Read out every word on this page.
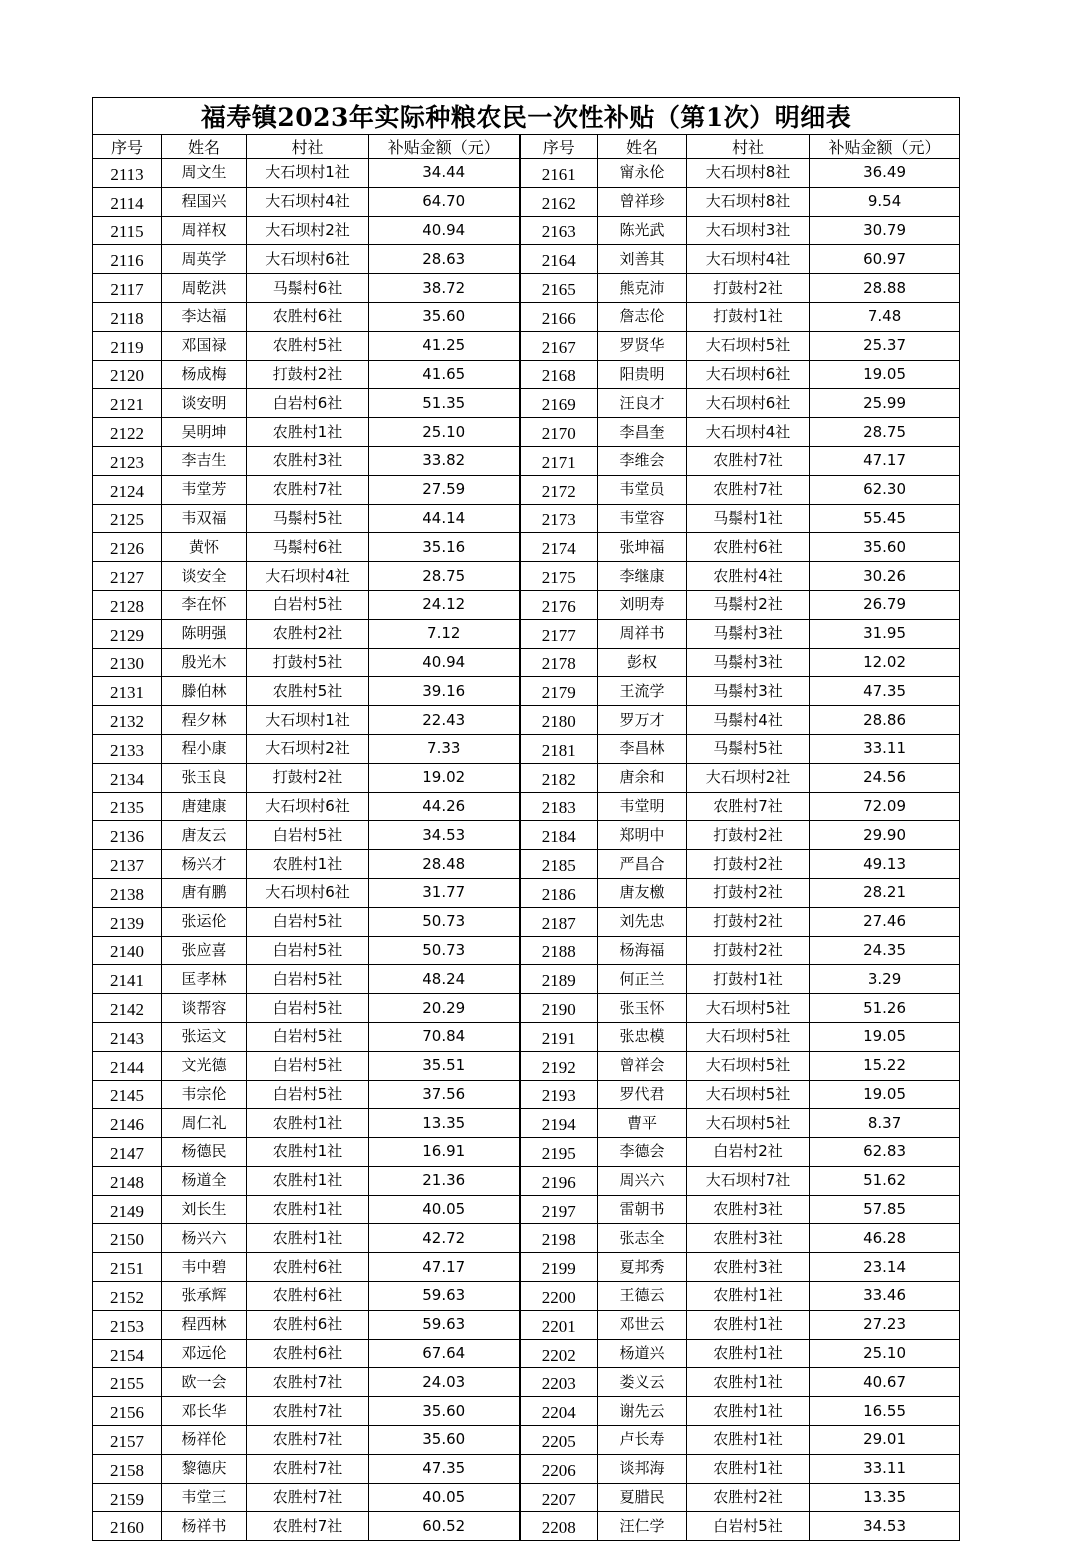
福寿镇2023年实际种粮农民一次性补贴（第1次）明细表							
序号	姓名	村社	补贴金额（元）	序号	姓名	村社	补贴金额（元）
2113	周文生	大石坝村1社	34.44	2161	甯永伦	大石坝村8社	36.49
2114	程国兴	大石坝村4社	64.70	2162	曾祥珍	大石坝村8社	9.54
2115	周祥权	大石坝村2社	40.94	2163	陈光武	大石坝村3社	30.79
2116	周英学	大石坝村6社	28.63	2164	刘善其	大石坝村4社	60.97
2117	周乾洪	马鬃村6社	38.72	2165	熊克沛	打鼓村2社	28.88
2118	李达福	农胜村6社	35.60	2166	詹志伦	打鼓村1社	7.48
2119	邓国禄	农胜村5社	41.25	2167	罗贤华	大石坝村5社	25.37
2120	杨成梅	打鼓村2社	41.65	2168	阳贵明	大石坝村6社	19.05
2121	谈安明	白岩村6社	51.35	2169	汪良才	大石坝村6社	25.99
2122	吴明坤	农胜村1社	25.10	2170	李昌奎	大石坝村4社	28.75
2123	李吉生	农胜村3社	33.82	2171	李维会	农胜村7社	47.17
2124	韦堂芳	农胜村7社	27.59	2172	韦堂员	农胜村7社	62.30
2125	韦双福	马鬃村5社	44.14	2173	韦堂容	马鬃村1社	55.45
2126	黄怀	马鬃村6社	35.16	2174	张坤福	农胜村6社	35.60
2127	谈安全	大石坝村4社	28.75	2175	李继康	农胜村4社	30.26
2128	李在怀	白岩村5社	24.12	2176	刘明寿	马鬃村2社	26.79
2129	陈明强	农胜村2社	7.12	2177	周祥书	马鬃村3社	31.95
2130	殷光木	打鼓村5社	40.94	2178	彭权	马鬃村3社	12.02
2131	滕伯林	农胜村5社	39.16	2179	王流学	马鬃村3社	47.35
2132	程夕林	大石坝村1社	22.43	2180	罗万才	马鬃村4社	28.86
2133	程小康	大石坝村2社	7.33	2181	李昌林	马鬃村5社	33.11
2134	张玉良	打鼓村2社	19.02	2182	唐余和	大石坝村2社	24.56
2135	唐建康	大石坝村6社	44.26	2183	韦堂明	农胜村7社	72.09
2136	唐友云	白岩村5社	34.53	2184	郑明中	打鼓村2社	29.90
2137	杨兴才	农胜村1社	28.48	2185	严昌合	打鼓村2社	49.13
2138	唐有鹏	大石坝村6社	31.77	2186	唐友檄	打鼓村2社	28.21
2139	张运伦	白岩村5社	50.73	2187	刘先忠	打鼓村2社	27.46
2140	张应喜	白岩村5社	50.73	2188	杨海福	打鼓村2社	24.35
2141	匡孝林	白岩村5社	48.24	2189	何正兰	打鼓村1社	3.29
2142	谈帮容	白岩村5社	20.29	2190	张玉怀	大石坝村5社	51.26
2143	张运文	白岩村5社	70.84	2191	张忠模	大石坝村5社	19.05
2144	文光德	白岩村5社	35.51	2192	曾祥会	大石坝村5社	15.22
2145	韦宗伦	白岩村5社	37.56	2193	罗代君	大石坝村5社	19.05
2146	周仁礼	农胜村1社	13.35	2194	曹平	大石坝村5社	8.37
2147	杨德民	农胜村1社	16.91	2195	李德会	白岩村2社	62.83
2148	杨道全	农胜村1社	21.36	2196	周兴六	大石坝村7社	51.62
2149	刘长生	农胜村1社	40.05	2197	雷朝书	农胜村3社	57.85
2150	杨兴六	农胜村1社	42.72	2198	张志全	农胜村3社	46.28
2151	韦中碧	农胜村6社	47.17	2199	夏邦秀	农胜村3社	23.14
2152	张承辉	农胜村6社	59.63	2200	王德云	农胜村1社	33.46
2153	程西林	农胜村6社	59.63	2201	邓世云	农胜村1社	27.23
2154	邓远伦	农胜村6社	67.64	2202	杨道兴	农胜村1社	25.10
2155	欧一会	农胜村7社	24.03	2203	娄义云	农胜村1社	40.67
2156	邓长华	农胜村7社	35.60	2204	谢先云	农胜村1社	16.55
2157	杨祥伦	农胜村7社	35.60	2205	卢长寿	农胜村1社	29.01
2158	黎德庆	农胜村7社	47.35	2206	谈邦海	农胜村1社	33.11
2159	韦堂三	农胜村7社	40.05	2207	夏腊民	农胜村2社	13.35
2160	杨祥书	农胜村7社	60.52	2208	汪仁学	白岩村5社	34.53
